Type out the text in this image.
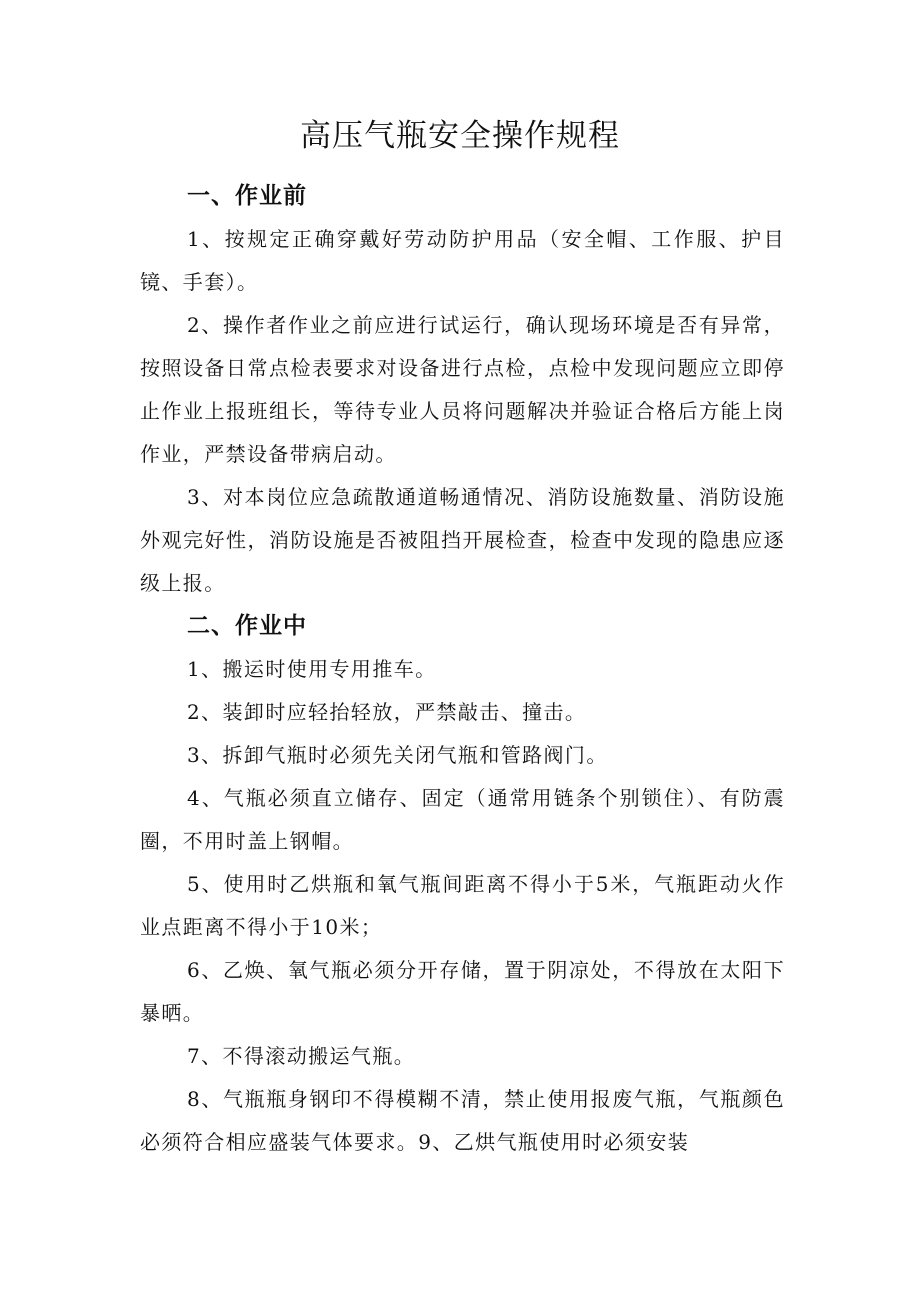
高压气瓶安全操作规程
一、作业前

1、按规定正确穿戴好劳动防护用品（安全帽、工作服、护目镜、手套）。

2、操作者作业之前应进行试运行，确认现场环境是否有异常，按照设备日常点检表要求对设备进行点检，点检中发现问题应立即停止作业上报班组长，等待专业人员将问题解决并验证合格后方能上岗作业，严禁设备带病启动。

3、对本岗位应急疏散通道畅通情况、消防设施数量、消防设施外观完好性，消防设施是否被阻挡开展检查，检查中发现的隐患应逐级上报。

二、作业中

1、搬运时使用专用推车。

2、装卸时应轻抬轻放，严禁敲击、撞击。

3、拆卸气瓶时必须先关闭气瓶和管路阀门。

4、气瓶必须直立储存、固定（通常用链条个别锁住）、有防震圈，不用时盖上钢帽。

5、使用时乙烘瓶和氧气瓶间距离不得小于5米，气瓶距动火作业点距离不得小于10米；

6、乙焕、氧气瓶必须分开存储，置于阴凉处，不得放在太阳下暴晒。

7、不得滚动搬运气瓶。

8、气瓶瓶身钢印不得模糊不清，禁止使用报废气瓶，气瓶颜色必须符合相应盛装气体要求。9、乙烘气瓶使用时必须安装
